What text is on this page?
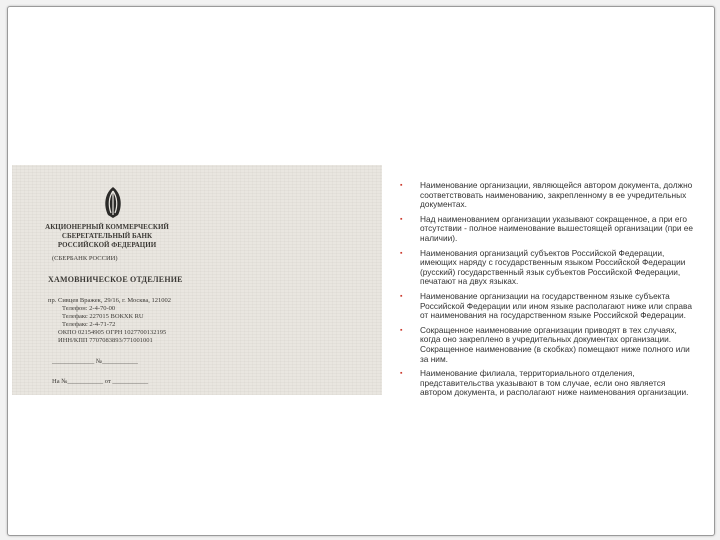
АКЦИОНЕРНЫЙ КОММЕРЧЕСКИЙ
СБЕРЕГАТЕЛЬНЫЙ БАНК
РОССИЙСКОЙ ФЕДЕРАЦИИ
(СБЕРБАНК РОССИИ)
ХАМОВНИЧЕСКОЕ ОТДЕЛЕНИЕ
пр. Сивцев Вражек, 29/16, г. Москва, 121002
Телефон: 2-4-70-00
Телефакс 227015 ВОКХК RU
Телефакс 2-4-71-72
ОКПО 02154905 ОГРН 1027700132195
ИНН/КПП 7707083893/771001001
_____________ №___________
На №___________ от ___________
▪ Наименование организации, являющейся автором документа, должно соответствовать наименованию, закрепленному в ее учредительных документах.
▪ Над наименованием организации указывают сокращенное, а при его отсутствии - полное наименование вышестоящей организации (при ее наличии).
▪ Наименования организаций субъектов Российской Федерации, имеющих наряду с государственным языком Российской Федерации (русский) государственный язык субъектов Российской Федерации, печатают на двух языках.
▪ Наименование организации на государственном языке субъекта Российской Федерации или ином языке располагают ниже или справа от наименования на государственном языке Российской Федерации.
▪ Сокращенное наименование организации приводят в тех случаях, когда оно закреплено в учредительных документах организации. Сокращенное наименование (в скобках) помещают ниже полного или за ним.
▪ Наименование филиала, территориального отделения, представительства указывают в том случае, если оно является автором документа, и располагают ниже наименования организации.
